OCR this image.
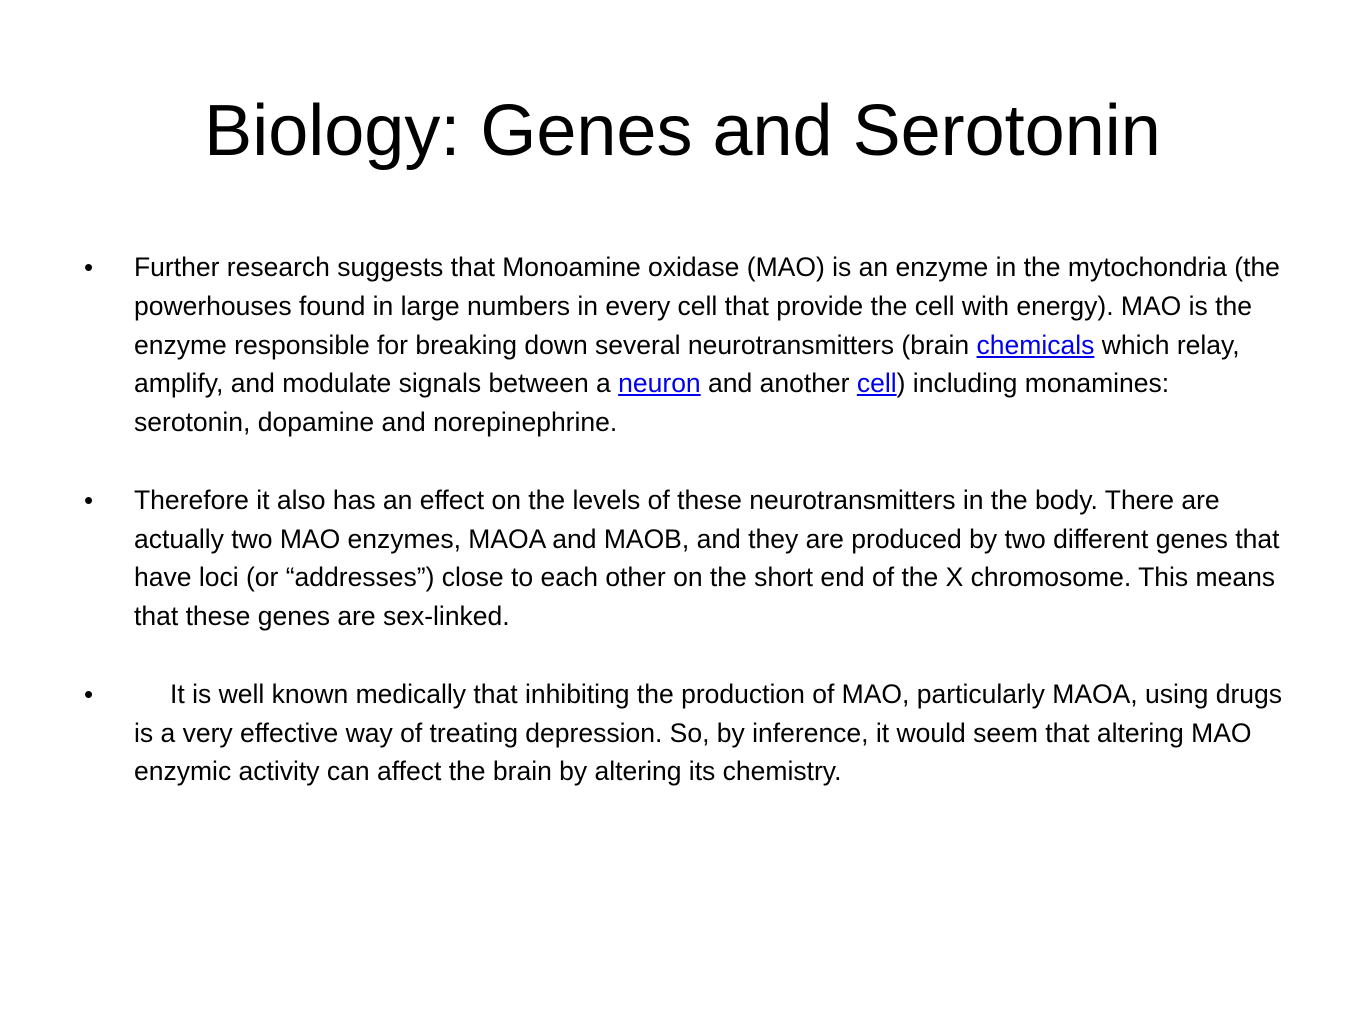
Biology: Genes and Serotonin
• Further research suggests that Monoamine oxidase (MAO) is an enzyme in the mytochondria (the powerhouses found in large numbers in every cell that provide the cell with energy). MAO is the enzyme responsible for breaking down several neurotransmitters (brain chemicals which relay, amplify, and modulate signals between a neuron and another cell) including monamines: serotonin, dopamine and norepinephrine.
• Therefore it also has an effect on the levels of these neurotransmitters in the body. There are actually two MAO enzymes, MAOA and MAOB, and they are produced by two different genes that have loci (or “addresses”) close to each other on the short end of the X chromosome. This means that these genes are sex-linked.
•	It is well known medically that inhibiting the production of MAO, particularly MAOA, using drugs is a very effective way of treating depression. So, by inference, it would seem that altering MAO enzymic activity can affect the brain by altering its chemistry.
